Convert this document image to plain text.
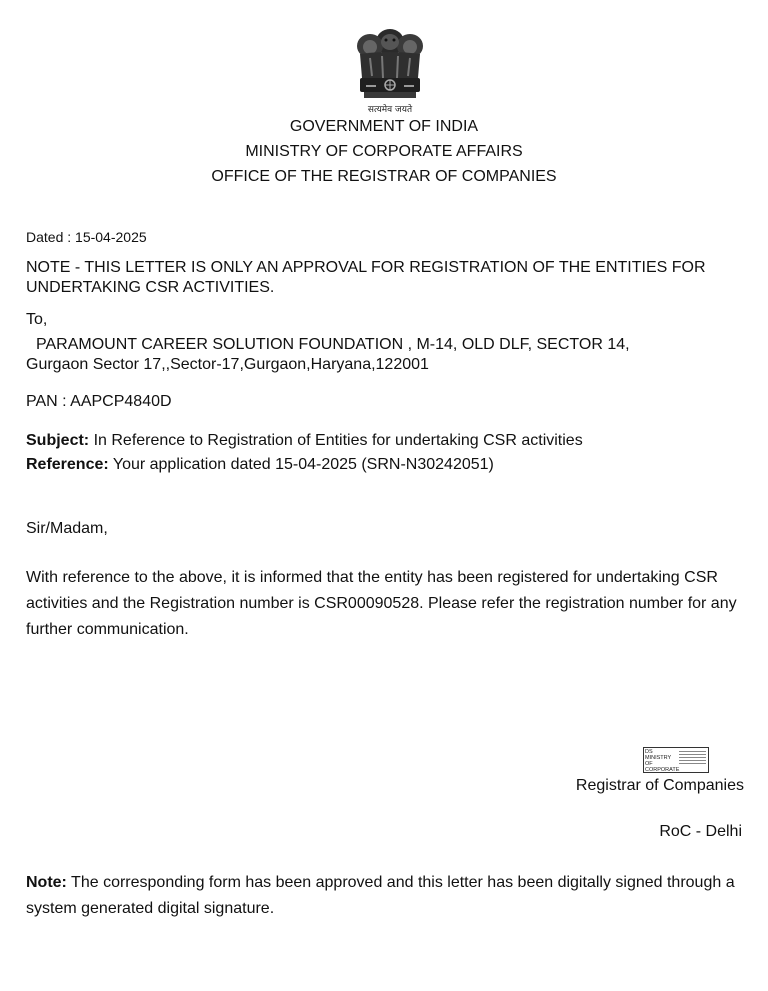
सत्यमेव जयते
GOVERNMENT OF INDIA
MINISTRY OF CORPORATE AFFAIRS
OFFICE OF THE REGISTRAR OF COMPANIES
Dated : 15-04-2025
NOTE - THIS LETTER IS ONLY AN APPROVAL FOR REGISTRATION OF THE ENTITIES FOR UNDERTAKING CSR ACTIVITIES.
To,
PARAMOUNT CAREER SOLUTION FOUNDATION , M-14, OLD DLF, SECTOR 14,
Gurgaon Sector 17,,Sector-17,Gurgaon,Haryana,122001
PAN : AAPCP4840D
Subject: In Reference to Registration of Entities for undertaking CSR activities
Reference: Your application dated 15-04-2025 (SRN-N30242051)
Sir/Madam,
With reference to the above, it is informed that the entity has been registered for undertaking CSR activities and the Registration number is CSR00090528. Please refer the registration number for any further communication.
DS MINISTRY OF CORPORATE
Registrar of Companies
RoC - Delhi
Note: The corresponding form has been approved and this letter has been digitally signed through a system generated digital signature.
